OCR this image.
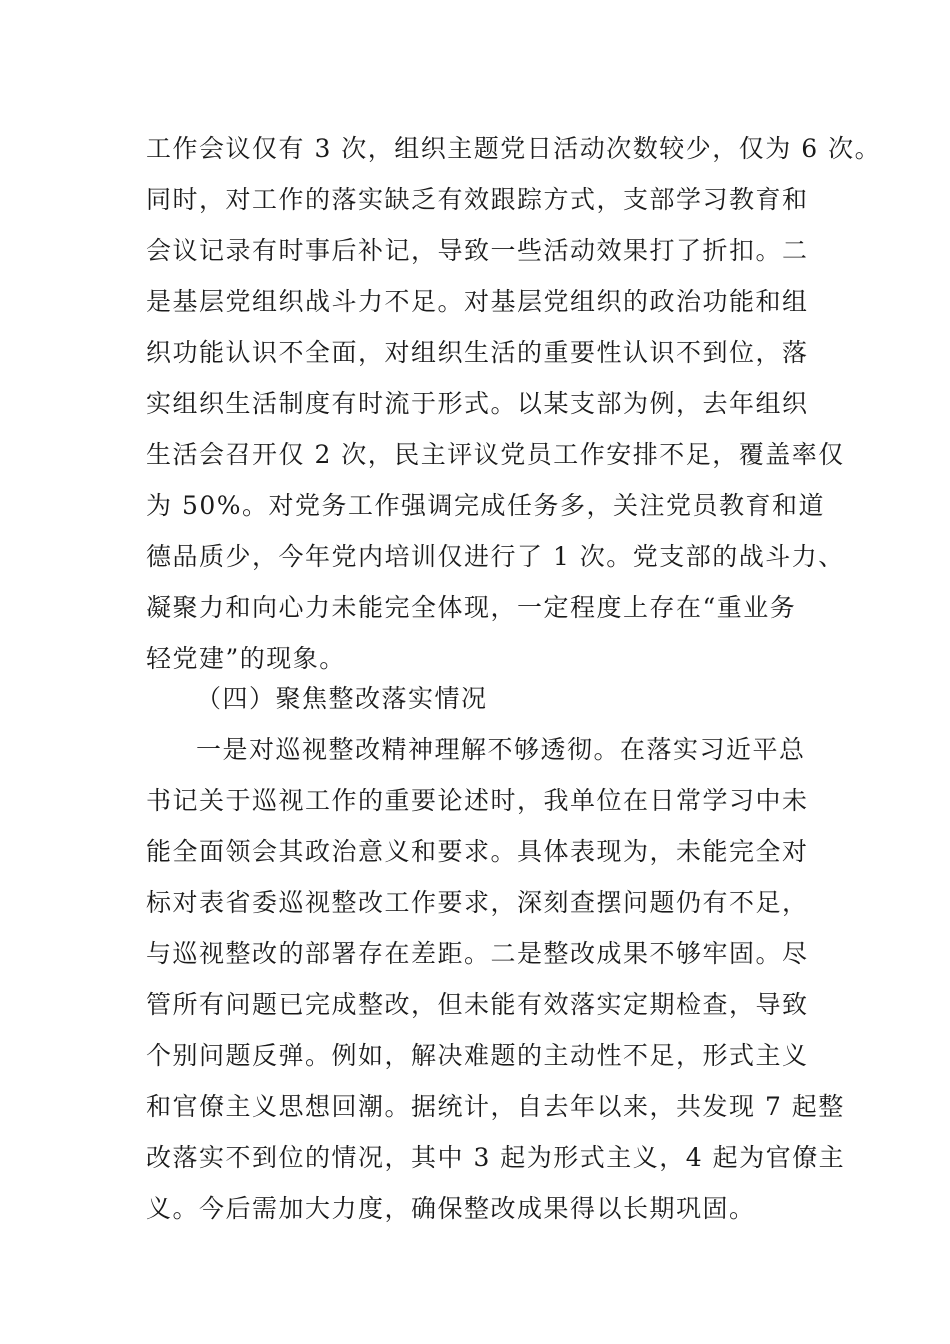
工作会议仅有 3 次，组织主题党日活动次数较少，仅为 6 次。
同时，对工作的落实缺乏有效跟踪方式，支部学习教育和
会议记录有时事后补记，导致一些活动效果打了折扣。二
是基层党组织战斗力不足。对基层党组织的政治功能和组
织功能认识不全面，对组织生活的重要性认识不到位，落
实组织生活制度有时流于形式。以某支部为例，去年组织
生活会召开仅 2 次，民主评议党员工作安排不足，覆盖率仅
为 50%。对党务工作强调完成任务多，关注党员教育和道
德品质少，今年党内培训仅进行了 1 次。党支部的战斗力、
凝聚力和向心力未能完全体现，一定程度上存在“重业务
轻党建”的现象。
（四）聚焦整改落实情况
一是对巡视整改精神理解不够透彻。在落实习近平总
书记关于巡视工作的重要论述时，我单位在日常学习中未
能全面领会其政治意义和要求。具体表现为，未能完全对
标对表省委巡视整改工作要求，深刻查摆问题仍有不足，
与巡视整改的部署存在差距。二是整改成果不够牢固。尽
管所有问题已完成整改，但未能有效落实定期检查，导致
个别问题反弹。例如，解决难题的主动性不足，形式主义
和官僚主义思想回潮。据统计，自去年以来，共发现 7 起整
改落实不到位的情况，其中 3 起为形式主义，4 起为官僚主
义。今后需加大力度，确保整改成果得以长期巩固。
